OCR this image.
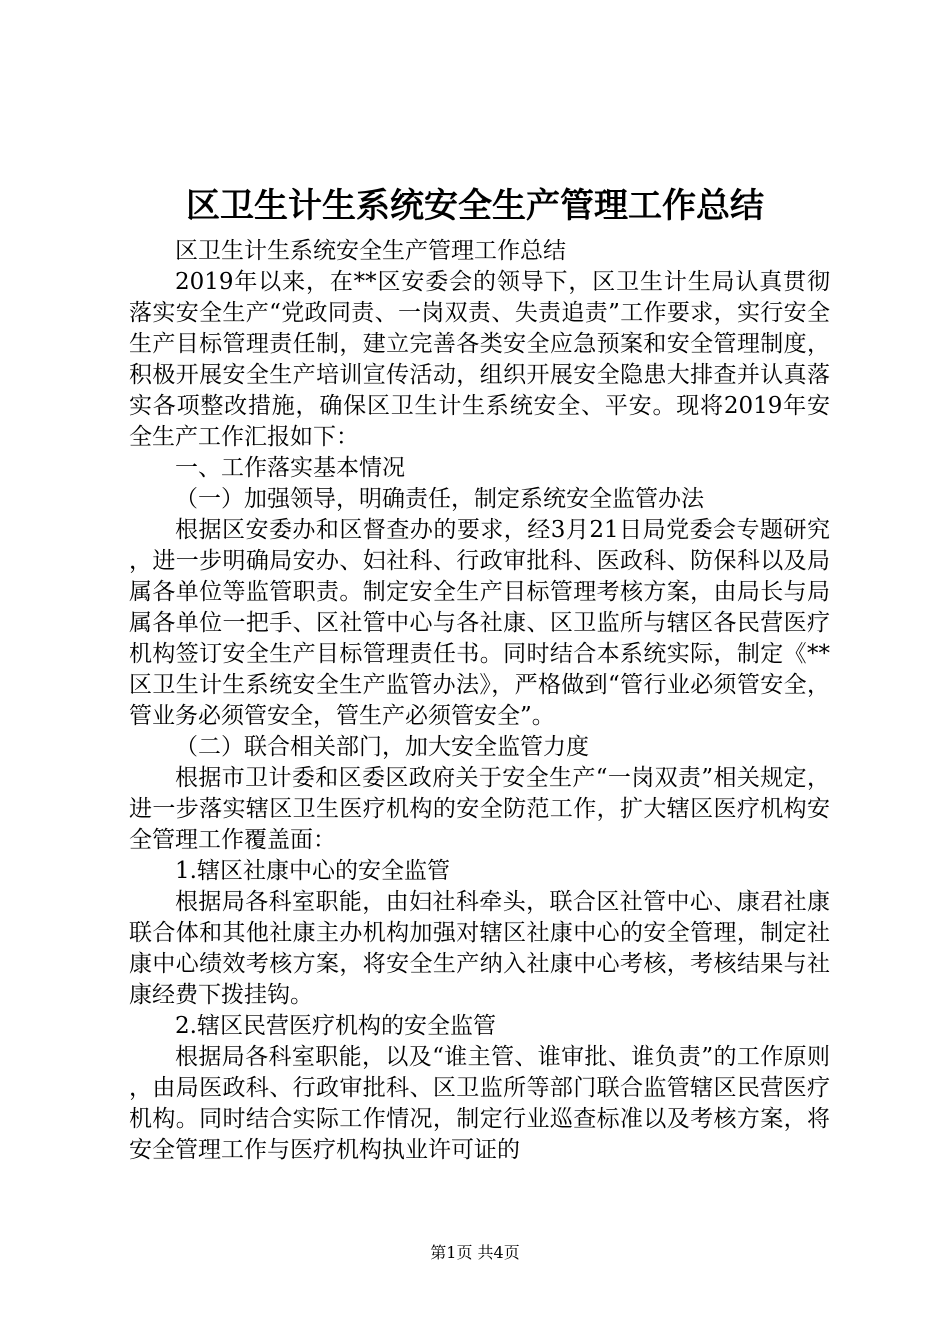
区卫生计生系统安全生产管理工作总结

区卫生计生系统安全生产管理工作总结

2019年以来，在**区安委会的领导下，区卫生计生局认真贯彻落实安全生产“党政同责、一岗双责、失责追责”工作要求，实行安全生产目标管理责任制，建立完善各类安全应急预案和安全管理制度，积极开展安全生产培训宣传活动，组织开展安全隐患大排查并认真落实各项整改措施，确保区卫生计生系统安全、平安。现将2019年安全生产工作汇报如下：

一、工作落实基本情况

（一）加强领导，明确责任，制定系统安全监管办法

根据区安委办和区督查办的要求，经3月21日局党委会专题研究，进一步明确局安办、妇社科、行政审批科、医政科、防保科以及局属各单位等监管职责。制定安全生产目标管理考核方案，由局长与局属各单位一把手、区社管中心与各社康、区卫监所与辖区各民营医疗机构签订安全生产目标管理责任书。同时结合本系统实际，制定《**区卫生计生系统安全生产监管办法》，严格做到“管行业必须管安全，管业务必须管安全，管生产必须管安全”。

（二）联合相关部门，加大安全监管力度

根据市卫计委和区委区政府关于安全生产“一岗双责”相关规定，进一步落实辖区卫生医疗机构的安全防范工作，扩大辖区医疗机构安全管理工作覆盖面：

1.辖区社康中心的安全监管

根据局各科室职能，由妇社科牵头，联合区社管中心、康君社康联合体和其他社康主办机构加强对辖区社康中心的安全管理，制定社康中心绩效考核方案，将安全生产纳入社康中心考核，考核结果与社康经费下拨挂钩。

2.辖区民营医疗机构的安全监管

根据局各科室职能，以及“谁主管、谁审批、谁负责”的工作原则，由局医政科、行政审批科、区卫监所等部门联合监管辖区民营医疗机构。同时结合实际工作情况，制定行业巡查标准以及考核方案，将安全管理工作与医疗机构执业许可证的

第1页 共4页
